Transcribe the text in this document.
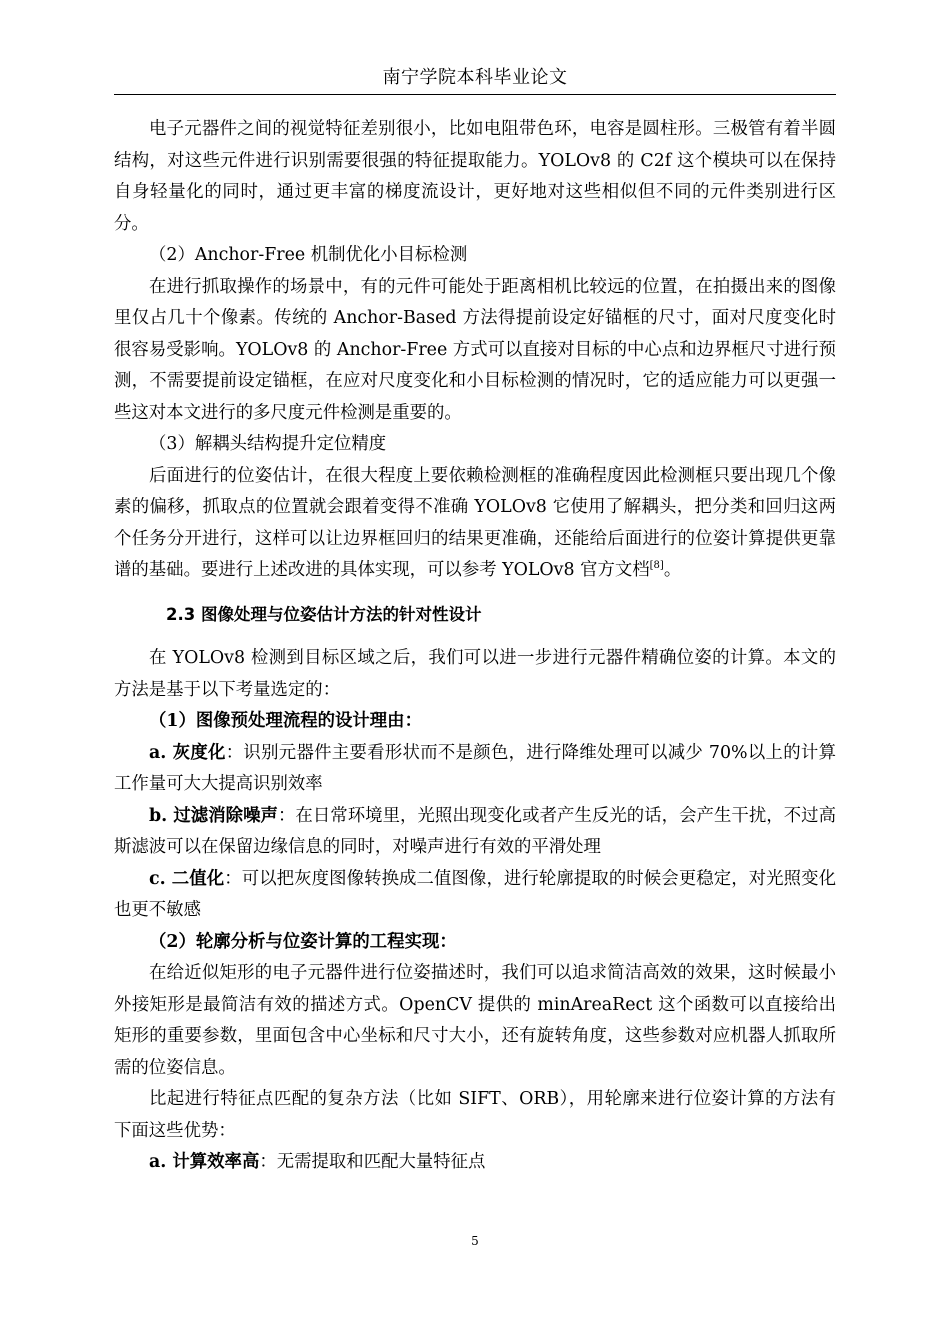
南宁学院本科毕业论文

电子元器件之间的视觉特征差别很小，比如电阻带色环，电容是圆柱形。三极管有着半圆结构，对这些元件进行识别需要很强的特征提取能力。YOLOv8 的 C2f 这个模块可以在保持自身轻量化的同时，通过更丰富的梯度流设计，更好地对这些相似但不同的元件类别进行区分。

（2）Anchor-Free 机制优化小目标检测

在进行抓取操作的场景中，有的元件可能处于距离相机比较远的位置，在拍摄出来的图像里仅占几十个像素。传统的 Anchor-Based 方法得提前设定好锚框的尺寸，面对尺度变化时很容易受影响。YOLOv8 的 Anchor-Free 方式可以直接对目标的中心点和边界框尺寸进行预测，不需要提前设定锚框，在应对尺度变化和小目标检测的情况时，它的适应能力可以更强一些这对本文进行的多尺度元件检测是重要的。

（3）解耦头结构提升定位精度

后面进行的位姿估计，在很大程度上要依赖检测框的准确程度因此检测框只要出现几个像素的偏移，抓取点的位置就会跟着变得不准确 YOLOv8 它使用了解耦头，把分类和回归这两个任务分开进行，这样可以让边界框回归的结果更准确，还能给后面进行的位姿计算提供更靠谱的基础。要进行上述改进的具体实现，可以参考 YOLOv8 官方文档[8]。

2.3 图像处理与位姿估计方法的针对性设计

在 YOLOv8 检测到目标区域之后，我们可以进一步进行元器件精确位姿的计算。本文的方法是基于以下考量选定的：

（1）图像预处理流程的设计理由：

a. 灰度化：识别元器件主要看形状而不是颜色，进行降维处理可以减少 70%以上的计算工作量可大大提高识别效率

b. 过滤消除噪声：在日常环境里，光照出现变化或者产生反光的话，会产生干扰，不过高斯滤波可以在保留边缘信息的同时，对噪声进行有效的平滑处理

c. 二值化：可以把灰度图像转换成二值图像，进行轮廓提取的时候会更稳定，对光照变化也更不敏感

（2）轮廓分析与位姿计算的工程实现：

在给近似矩形的电子元器件进行位姿描述时，我们可以追求简洁高效的效果，这时候最小外接矩形是最简洁有效的描述方式。OpenCV 提供的 minAreaRect 这个函数可以直接给出矩形的重要参数，里面包含中心坐标和尺寸大小，还有旋转角度，这些参数对应机器人抓取所需的位姿信息。

比起进行特征点匹配的复杂方法（比如 SIFT、ORB），用轮廓来进行位姿计算的方法有下面这些优势：

a. 计算效率高：无需提取和匹配大量特征点

5
